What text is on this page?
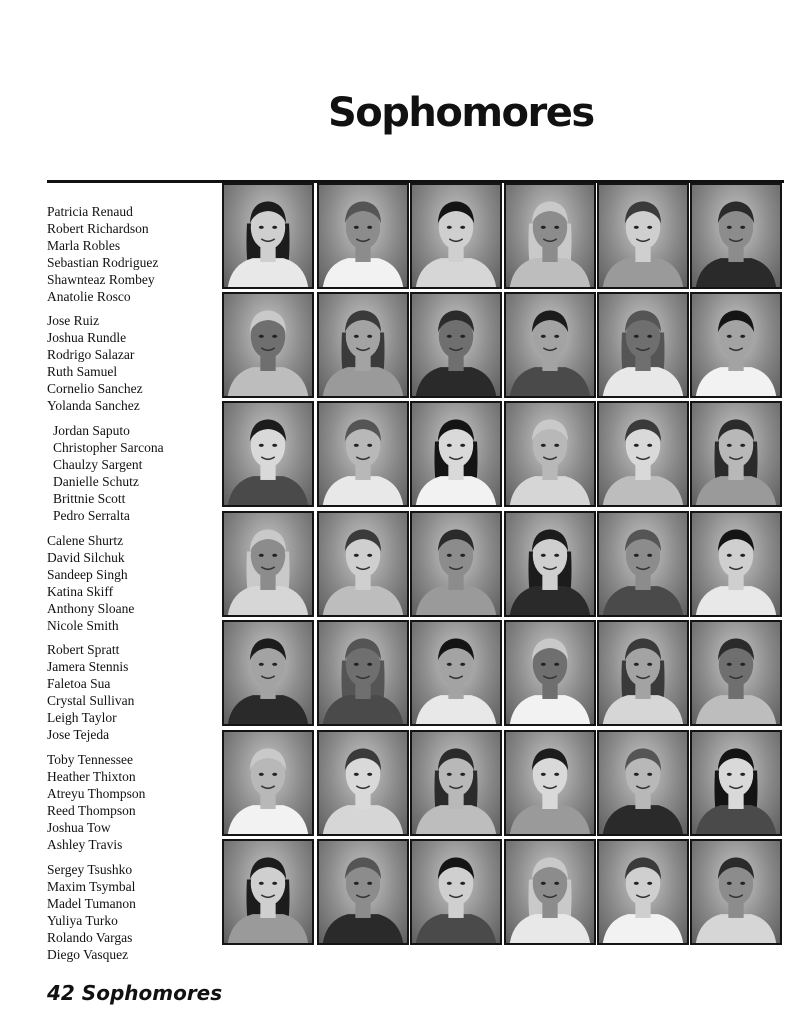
Sophomores
Patricia Renaud
Robert Richardson
Marla Robles
Sebastian Rodriguez
Shawnteaz Rombey
Anatolie Rosco
Jose Ruiz
Joshua Rundle
Rodrigo Salazar
Ruth Samuel
Cornelio Sanchez
Yolanda Sanchez
Jordan Saputo
Christopher Sarcona
Chaulzy Sargent
Danielle Schutz
Brittnie Scott
Pedro Serralta
Calene Shurtz
David Silchuk
Sandeep Singh
Katina Skiff
Anthony Sloane
Nicole Smith
Robert Spratt
Jamera Stennis
Faletoa Sua
Crystal Sullivan
Leigh Taylor
Jose Tejeda
Toby Tennessee
Heather Thixton
Atreyu Thompson
Reed Thompson
Joshua Tow
Ashley Travis
Sergey Tsushko
Maxim Tsymbal
Madel Tumanon
Yuliya Turko
Rolando Vargas
Diego Vasquez
42 Sophomores
